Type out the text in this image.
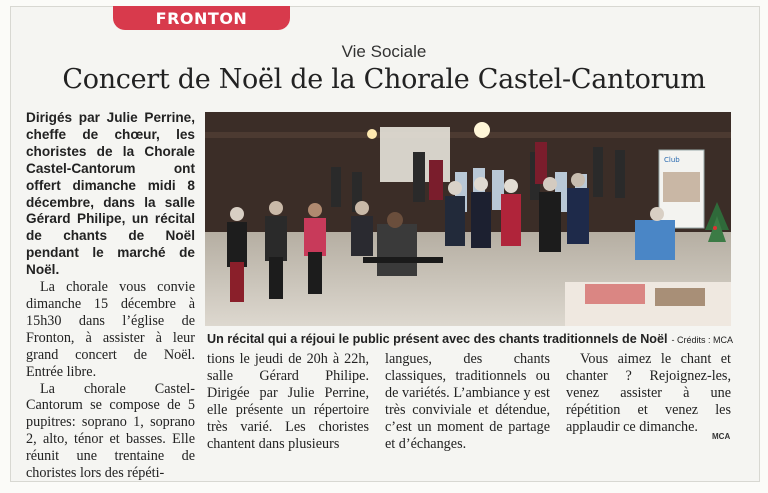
FRONTON
Vie Sociale
Concert de Noël de la Chorale Castel-Cantorum

Dirigés par Julie Perrine, cheffe de chœur, les choristes de la Chorale Castel-Cantorum ont offert dimanche midi 8 décembre, dans la salle Gérard Philipe, un récital de chants de Noël pendant le marché de Noël.

La chorale vous convie dimanche 15 décembre à 15h30 dans l’église de Fronton, à assister à leur grand concert de Noël. Entrée libre.

La chorale Castel-Cantorum se compose de 5 pupitres: soprano 1, soprano 2, alto, ténor et basses. Elle réunit une trentaine de choristes lors des répéti-

Club
Un récital qui a réjoui le public présent avec des chants traditionnels de Noël - Crédits : MCA

tions le jeudi de 20h à 22h, salle Gérard Philipe. Dirigée par Julie Perrine, elle présente un répertoire très varié. Les choristes chantent dans plusieurs

langues, des chants classiques, traditionnels ou de variétés. L’ambiance y est très conviviale et détendue, c’est un moment de partage et d’échanges.

Vous aimez le chant et chanter ? Rejoignez-les, venez assister à une répétition et venez les applaudir ce dimanche.

MCA
